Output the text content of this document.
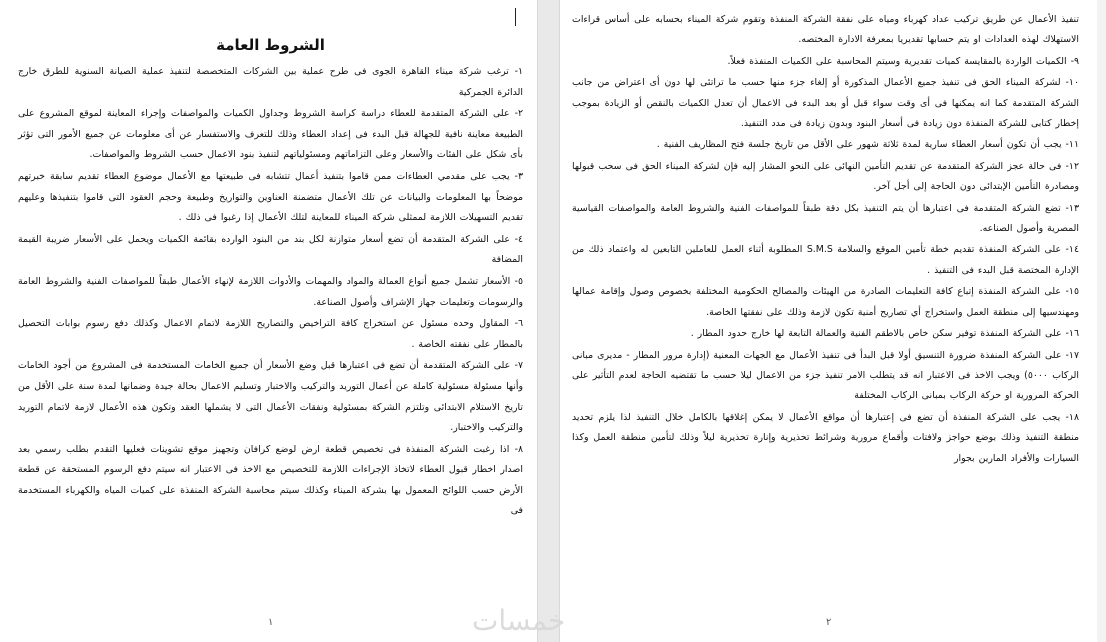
الشروط العامة

١- ترغب شركة ميناء القاهرة الجوى فى طرح عملية بين الشركات المتخصصة لتنفيذ عملية الصيانة السنوية للطرق خارج الدائرة الجمركية

٢- على الشركة المتقدمة للعطاء دراسة كراسة الشروط وجداول الكميات والمواصفات وإجراء المعاينة لموقع المشروع على الطبيعة معاينة نافية للجهالة قبل البدء فى إعداد العطاء وذلك للتعرف والاستفسار عن أى معلومات عن جميع الأمور التى تؤثر بأى شكل على الفئات والأسعار وعلى التزاماتهم ومسئولياتهم لتنفيذ بنود الاعمال حسب الشروط والمواصفات.

٣- يجب على مقدمي العطاءات ممن قاموا بتنفيذ أعمال تتشابه فى طبيعتها مع الأعمال موضوع العطاء تقديم سابقة خبرتهم موضحاً بها المعلومات والبيانات عن تلك الأعمال متضمنة العناوين والتواريخ وطبيعة وحجم العقود التى قاموا بتنفيذها وعليهم تقديم التسهيلات اللازمة لممثلى شركة الميناء للمعاينة لتلك الأعمال إذا رغبوا فى ذلك .

٤- على الشركة المتقدمة أن تضع أسعار متوازنة لكل بند من البنود الوارده بقائمة الكميات ويحمل على الأسعار ضريبة القيمة المضافة

٥- الأسعار تشمل جميع أنواع العمالة والمواد والمهمات والأدوات اللازمة لإنهاء الأعمال طبقاً للمواصفات الفنية والشروط العامة والرسومات وتعليمات جهاز الإشراف وأصول الصناعة.

٦- المقاول وحده مسئول عن استخراج كافة التراخيص والتصاريح اللازمة لاتمام الاعمال وكذلك دفع رسوم بوابات التحصيل بالمطار على نفقته الخاصة .

٧- على الشركة المتقدمة أن تضع فى اعتبارها قبل وضع الأسعار أن جميع الخامات المستخدمة فى المشروع من أجود الخامات وأنها مسئولة مسئولية كاملة عن أعمال التوريد والتركيب والاختبار وتسليم الاعمال بحالة جيدة وضمانها لمدة سنة على الأقل من تاريخ الاستلام الابتدائى وتلتزم الشركة بمسئولية ونفقات الأعمال التى لا يشملها العقد وتكون هذه الأعمال لازمة لاتمام التوريد والتركيب والاختبار.

٨- اذا رغبت الشركة المنفذة فى تخصيص قطعة ارض لوضع كرافان وتجهيز موقع تشوينات فعليها التقدم بطلب رسمي بعد اصدار اخطار قبول العطاء لاتخاذ الإجراءات اللازمة للتخصيص مع الاخذ فى الاعتبار انه سيتم دفع الرسوم المستحقة عن قطعة الأرض حسب اللوائح المعمول بها بشركة الميناء وكذلك سيتم محاسبة الشركة المنفذة على كميات المياه والكهرباء المستخدمة فى

١

تنفيذ الأعمال عن طريق تركيب عداد كهرباء ومياه على نفقة الشركة المنفذة وتقوم شركة الميناء بحسابه على أساس قراءات الاستهلاك لهذه العدادات او يتم حسابها تقديريا بمعرفة الادارة المختصه.

٩- الكميات الواردة بالمقايسة كميات تقديرية وسيتم المحاسبة على الكميات المنفذة فعلاً.

١٠- لشركة الميناء الحق فى تنفيذ جميع الأعمال المذكورة أو إلغاء جزء منها حسب ما تراتئى لها دون أى اعتراض من جانب الشركة المتقدمة كما انه يمكنها فى أى وقت سواء قبل أو بعد البدء فى الاعمال أن تعدل الكميات بالنقص أو الزيادة بموجب إخطار كتابى للشركة المنفذة دون زيادة فى أسعار البنود وبدون زيادة فى مدد التنفيذ.

١١- يجب أن تكون أسعار العطاء سارية لمدة ثلاثة شهور على الأقل من تاريخ جلسة فتح المظاريف الفنية .

١٢- فى حالة عجز الشركة المتقدمة عن تقديم التأمين النهائى على النحو المشار إليه فإن لشركة الميناء الحق فى سحب قبولها ومصادرة التأمين الإبتدائى دون الحاجة إلى أجل آخر.

١٣- تضع الشركة المتقدمة فى اعتبارها أن يتم التنفيذ بكل دقة طبقاً للمواصفات الفنية والشروط العامة والمواصفات القياسية المصرية وأصول الصناعه.

١٤- على الشركة المنفذة تقديم خطة تأمين الموقع والسلامة S.M.S المطلوبة أثناء العمل للعاملين التابعين له واعتماد ذلك من الإدارة المختصة قبل البدء فى التنفيذ .

١٥- على الشركة المنفذة إتباع كافة التعليمات الصادرة من الهيئات والمصالح الحكومية المختلفة بخصوص وصول وإقامة عمالها ومهندسيها إلى منطقة العمل واستخراج أي تصاريح أمنية تكون لازمة وذلك على نفقتها الخاصة.

١٦- على الشركة المنفذة توفير سكن خاص بالاطقم الفنية والعمالة التابعة لها خارج حدود المطار .

١٧- على الشركة المنفذة ضرورة التنسيق أولا قبل البدأ فى تنفيذ الأعمال مع الجهات المعنية (إدارة مرور المطار - مديرى مبانى الركاب ٥٠٠٠) ويجب الاخذ فى الاعتبار انه قد يتطلب الامر تنفيذ جزء من الاعمال ليلا حسب ما تقتضيه الحاجة لعدم التأثير على الحركة المرورية او حركة الركاب بمبانى الركاب المختلفة

١٨- يجب على الشركة المنفذة أن تضع فى إعتبارها أن مواقع الأعمال لا يمكن إغلاقها بالكامل خلال التنفيذ لذا يلزم تحديد منطقة التنفيذ وذلك بوضع حواجز ولافتات وأقماع مرورية وشرائط تحذيرية وإنارة تحذيرية ليلاً وذلك لتأمين منطقة العمل وكذا السيارات والأفراد المارين بجوار

٢
خمسات
